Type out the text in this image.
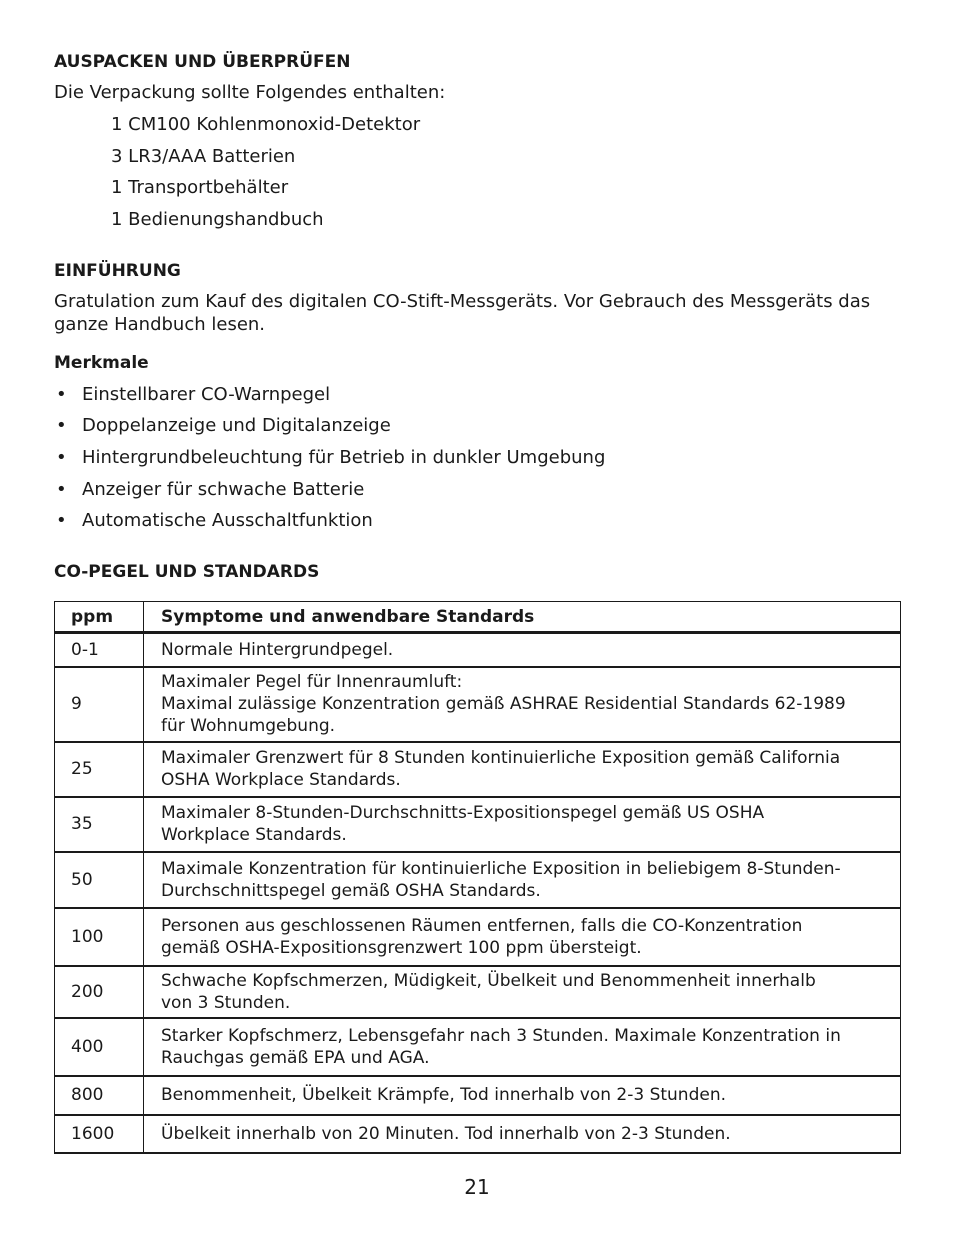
AUSPACKEN UND ÜBERPRÜFEN

Die Verpackung sollte Folgendes enthalten:

1 CM100 Kohlenmonoxid-Detektor

3 LR3/AAA Batterien

1 Transportbehälter

1 Bedienungshandbuch

EINFÜHRUNG

Gratulation zum Kauf des digitalen CO-Stift-Messgeräts. Vor Gebrauch des Messgeräts das ganze Handbuch lesen.

Merkmale
• Einstellbarer CO-Warnpegel
• Doppelanzeige und Digitalanzeige
• Hintergrundbeleuchtung für Betrieb in dunkler Umgebung
• Anzeiger für schwache Batterie
• Automatische Ausschaltfunktion
CO-PEGEL UND STANDARDS
ppm	Symptome und anwendbare Standards
0-1	Normale Hintergrundpegel.

9	Maximaler Pegel für Innenraumluft:
Maximal zulässige Konzentration gemäß ASHRAE Residential Standards 62-1989
für Wohnumgebung.

25	Maximaler Grenzwert für 8 Stunden kontinuierliche Exposition gemäß California
OSHA Workplace Standards.

35	Maximaler 8-Stunden-Durchschnitts-Expositionspegel gemäß US OSHA
Workplace Standards.

50	Maximale Konzentration für kontinuierliche Exposition in beliebigem 8-Stunden-
Durchschnittspegel gemäß OSHA Standards.

100	Personen aus geschlossenen Räumen entfernen, falls die CO-Konzentration
gemäß OSHA-Expositionsgrenzwert 100 ppm übersteigt.

200	Schwache Kopfschmerzen, Müdigkeit, Übelkeit und Benommenheit innerhalb
von 3 Stunden.

400	Starker Kopfschmerz, Lebensgefahr nach 3 Stunden. Maximale Konzentration in
Rauchgas gemäß EPA und AGA.

800	Benommenheit, Übelkeit Krämpfe, Tod innerhalb von 2-3 Stunden.

1600	Übelkeit innerhalb von 20 Minuten. Tod innerhalb von 2-3 Stunden.
21
